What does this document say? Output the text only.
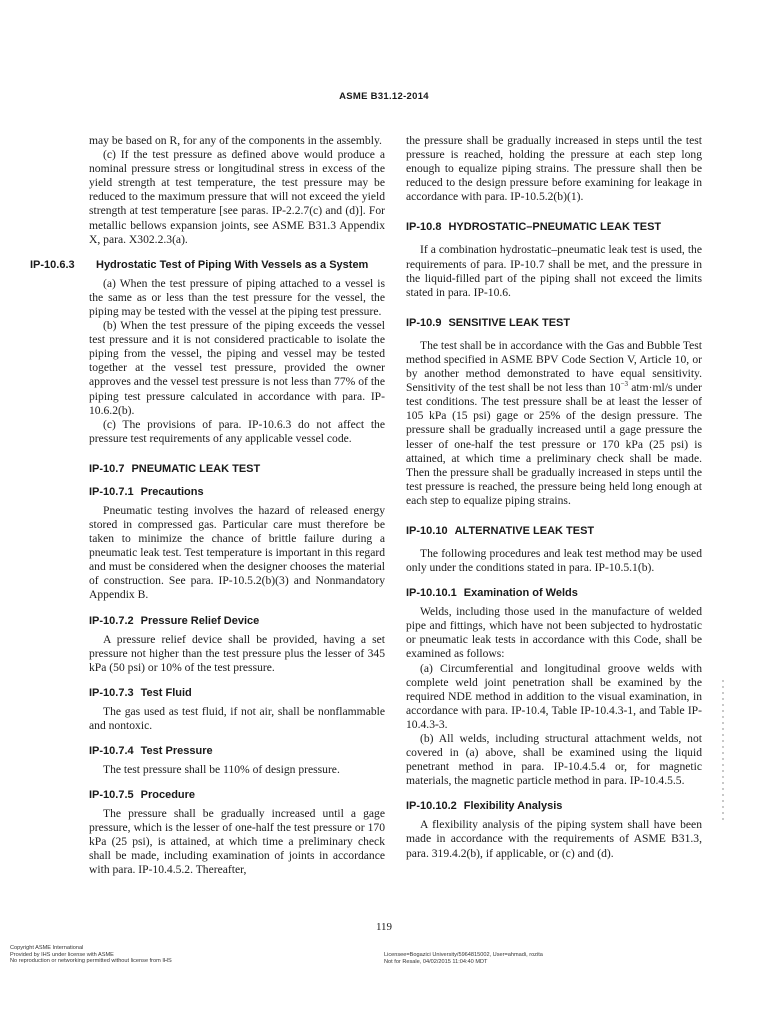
ASME B31.12-2014

may be based on R, for any of the components in the assembly.

(c) If the test pressure as defined above would produce a nominal pressure stress or longitudinal stress in excess of the yield strength at test temperature, the test pressure may be reduced to the maximum pressure that will not exceed the yield strength at test temperature [see paras. IP-2.2.7(c) and (d)]. For metallic bellows expansion joints, see ASME B31.3 Appendix X, para. X302.2.3(a).

IP-10.6.3 Hydrostatic Test of Piping With Vessels as a System

(a) When the test pressure of piping attached to a vessel is the same as or less than the test pressure for the vessel, the piping may be tested with the vessel at the piping test pressure.

(b) When the test pressure of the piping exceeds the vessel test pressure and it is not considered practicable to isolate the piping from the vessel, the piping and vessel may be tested together at the vessel test pressure, provided the owner approves and the vessel test pressure is not less than 77% of the piping test pressure calculated in accordance with para. IP-10.6.2(b).

(c) The provisions of para. IP-10.6.3 do not affect the pressure test requirements of any applicable vessel code.

IP-10.7 PNEUMATIC LEAK TEST
IP-10.7.1 Precautions

Pneumatic testing involves the hazard of released energy stored in compressed gas. Particular care must therefore be taken to minimize the chance of brittle failure during a pneumatic leak test. Test temperature is important in this regard and must be considered when the designer chooses the material of construction. See para. IP-10.5.2(b)(3) and Nonmandatory Appendix B.

IP-10.7.2 Pressure Relief Device

A pressure relief device shall be provided, having a set pressure not higher than the test pressure plus the lesser of 345 kPa (50 psi) or 10% of the test pressure.

IP-10.7.3 Test Fluid

The gas used as test fluid, if not air, shall be nonflammable and nontoxic.

IP-10.7.4 Test Pressure

The test pressure shall be 110% of design pressure.

IP-10.7.5 Procedure

The pressure shall be gradually increased until a gage pressure, which is the lesser of one-half the test pressure or 170 kPa (25 psi), is attained, at which time a preliminary check shall be made, including examination of joints in accordance with para. IP-10.4.5.2. Thereafter,

the pressure shall be gradually increased in steps until the test pressure is reached, holding the pressure at each step long enough to equalize piping strains. The pressure shall then be reduced to the design pressure before examining for leakage in accordance with para. IP-10.5.2(b)(1).

IP-10.8 HYDROSTATIC–PNEUMATIC LEAK TEST

If a combination hydrostatic–pneumatic leak test is used, the requirements of para. IP-10.7 shall be met, and the pressure in the liquid-filled part of the piping shall not exceed the limits stated in para. IP-10.6.

IP-10.9 SENSITIVE LEAK TEST

The test shall be in accordance with the Gas and Bubble Test method specified in ASME BPV Code Section V, Article 10, or by another method demonstrated to have equal sensitivity. Sensitivity of the test shall be not less than $10^{-3}$ atm·ml/s under test conditions. The test pressure shall be at least the lesser of 105 kPa (15 psi) gage or 25% of the design pressure. The pressure shall be gradually increased until a gage pressure the lesser of one-half the test pressure or 170 kPa (25 psi) is attained, at which time a preliminary check shall be made. Then the pressure shall be gradually increased in steps until the test pressure is reached, the pressure being held long enough at each step to equalize piping strains.

IP-10.10 ALTERNATIVE LEAK TEST

The following procedures and leak test method may be used only under the conditions stated in para. IP-10.5.1(b).

IP-10.10.1 Examination of Welds

Welds, including those used in the manufacture of welded pipe and fittings, which have not been subjected to hydrostatic or pneumatic leak tests in accordance with this Code, shall be examined as follows:

(a) Circumferential and longitudinal groove welds with complete weld joint penetration shall be examined by the required NDE method in addition to the visual examination, in accordance with para. IP-10.4, Table IP-10.4.3-1, and Table IP-10.4.3-3.

(b) All welds, including structural attachment welds, not covered in (a) above, shall be examined using the liquid penetrant method in para. IP-10.4.5.4 or, for magnetic materials, the magnetic particle method in para. IP-10.4.5.5.

IP-10.10.2 Flexibility Analysis

A flexibility analysis of the piping system shall have been made in accordance with the requirements of ASME B31.3, para. 319.4.2(b), if applicable, or (c) and (d).

119
Copyright ASME International
Provided by IHS under license with ASME
No reproduction or networking permitted without license from IHS
Licensee=Bogazici University/5964815002, User=ahmadi, rozita
Not for Resale, 04/02/2015 11:04:40 MDT
